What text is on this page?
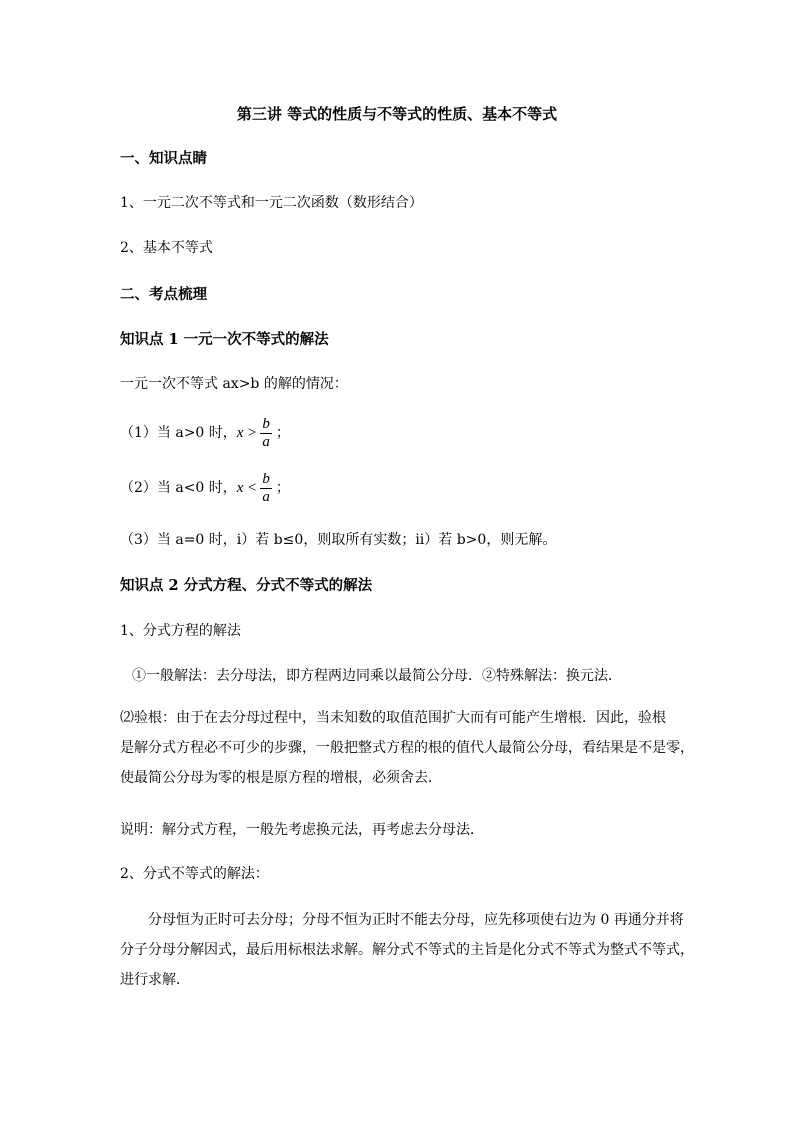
第三讲 等式的性质与不等式的性质、基本不等式
一、知识点睛
1、一元二次不等式和一元二次函数（数形结合）
2、基本不等式
二、考点梳理
知识点 1 一元一次不等式的解法
一元一次不等式 ax>b 的解的情况：
（1）当 a>0 时，$x > \frac{b}{a}$ ；
（2）当 a<0 时，$x < \frac{b}{a}$ ；
（3）当 a=0 时，i）若 b≤0，则取所有实数；ii）若 b>0，则无解。
知识点 2 分式方程、分式不等式的解法
1、分式方程的解法
①一般解法：去分母法，即方程两边同乘以最简公分母．②特殊解法：换元法．
⑵验根：由于在去分母过程中，当未知数的取值范围扩大而有可能产生增根．因此，验根
是解分式方程必不可少的步骤，一般把整式方程的根的值代人最简公分母，看结果是不是零，
使最简公分母为零的根是原方程的增根，必须舍去．
说明：解分式方程，一般先考虑换元法，再考虑去分母法．
2、分式不等式的解法：
　　分母恒为正时可去分母；分母不恒为正时不能去分母，应先移项使右边为 0 再通分并将
分子分母分解因式，最后用标根法求解。解分式不等式的主旨是化分式不等式为整式不等式，
进行求解．
